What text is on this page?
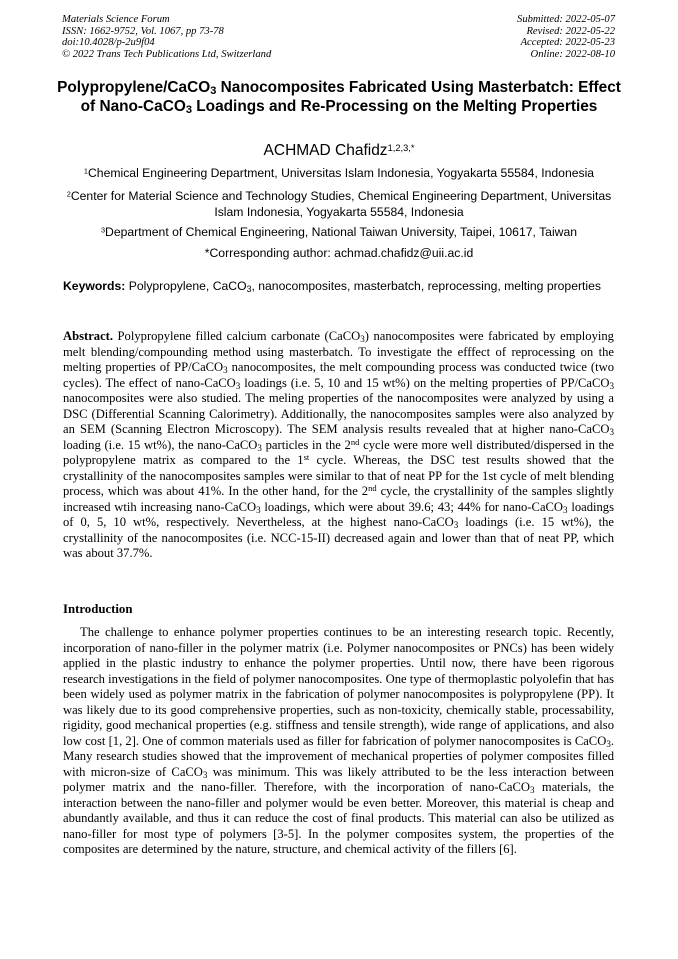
Materials Science Forum
ISSN: 1662-9752, Vol. 1067, pp 73-78
doi:10.4028/p-2u9f04
© 2022 Trans Tech Publications Ltd, Switzerland
Submitted: 2022-05-07
Revised: 2022-05-22
Accepted: 2022-05-23
Online: 2022-08-10
Polypropylene/CaCO$_3$ Nanocomposites Fabricated Using Masterbatch: Effect of Nano-CaCO$_3$ Loadings and Re-Processing on the Melting Properties
ACHMAD Chafidz$^{1,2,3,*}$
$^1$Chemical Engineering Department, Universitas Islam Indonesia, Yogyakarta 55584, Indonesia
$^2$Center for Material Science and Technology Studies, Chemical Engineering Department, Universitas Islam Indonesia, Yogyakarta 55584, Indonesia
$^3$Department of Chemical Engineering, National Taiwan University, Taipei, 10617, Taiwan
*Corresponding author: achmad.chafidz@uii.ac.id
Keywords: Polypropylene, CaCO$_3$, nanocomposites, masterbatch, reprocessing, melting properties

Abstract. Polypropylene filled calcium carbonate (CaCO$_3$) nanocomposites were fabricated by employing melt blending/compounding method using masterbatch. To investigate the efffect of reprocessing on the melting properties of PP/CaCO$_3$ nanocomposites, the melt compounding process was conducted twice (two cycles). The effect of nano-CaCO$_3$ loadings (i.e. 5, 10 and 15 wt%) on the melting properties of PP/CaCO$_3$ nanocomposites were also studied. The meling properties of the nanocomposites were analyzed by using a DSC (Differential Scanning Calorimetry). Additionally, the nanocomposites samples were also analyzed by an SEM (Scanning Electron Microscopy). The SEM analysis results revealed that at higher nano-CaCO$_3$ loading (i.e. 15 wt%), the nano-CaCO$_3$ particles in the 2nd cycle were more well distributed/dispersed in the polypropylene matrix as compared to the 1st cycle. Whereas, the DSC test results showed that the crystallinity of the nanocomposites samples were similar to that of neat PP for the 1st cycle of melt blending process, which was about 41%. In the other hand, for the 2nd cycle, the crystallinity of the samples slightly increased wtih increasing nano-CaCO$_3$ loadings, which were about 39.6; 43; 44% for nano-CaCO$_3$ loadings of 0, 5, 10 wt%, respectively. Nevertheless, at the highest nano-CaCO$_3$ loadings (i.e. 15 wt%), the crystallinity of the nanocomposites (i.e. NCC-15-II) decreased again and lower than that of neat PP, which was about 37.7%.

Introduction

The challenge to enhance polymer properties continues to be an interesting research topic. Recently, incorporation of nano-filler in the polymer matrix (i.e. Polymer nanocomposites or PNCs) has been widely applied in the plastic industry to enhance the polymer properties. Until now, there have been rigorous research investigations in the field of polymer nanocomposites. One type of thermoplastic polyolefin that has been widely used as polymer matrix in the fabrication of polymer nanocomposites is polypropylene (PP). It was likely due to its good comprehensive properties, such as non-toxicity, chemically stable, processability, rigidity, good mechanical properties (e.g. stiffness and tensile strength), wide range of applications, and also low cost [1, 2]. One of common materials used as filler for fabrication of polymer nanocomposites is CaCO$_3$. Many research studies showed that the improvement of mechanical properties of polymer composites filled with micron-size of CaCO$_3$ was minimum. This was likely attributed to be the less interaction between polymer matrix and the nano-filler. Therefore, with the incorporation of nano-CaCO$_3$ materials, the interaction between the nano-filler and polymer would be even better. Moreover, this material is cheap and abundantly available, and thus it can reduce the cost of final products. This material can also be utilized as nano-filler for most type of polymers [3-5]. In the polymer composites system, the properties of the composites are determined by the nature, structure, and chemical activity of the fillers [6].
